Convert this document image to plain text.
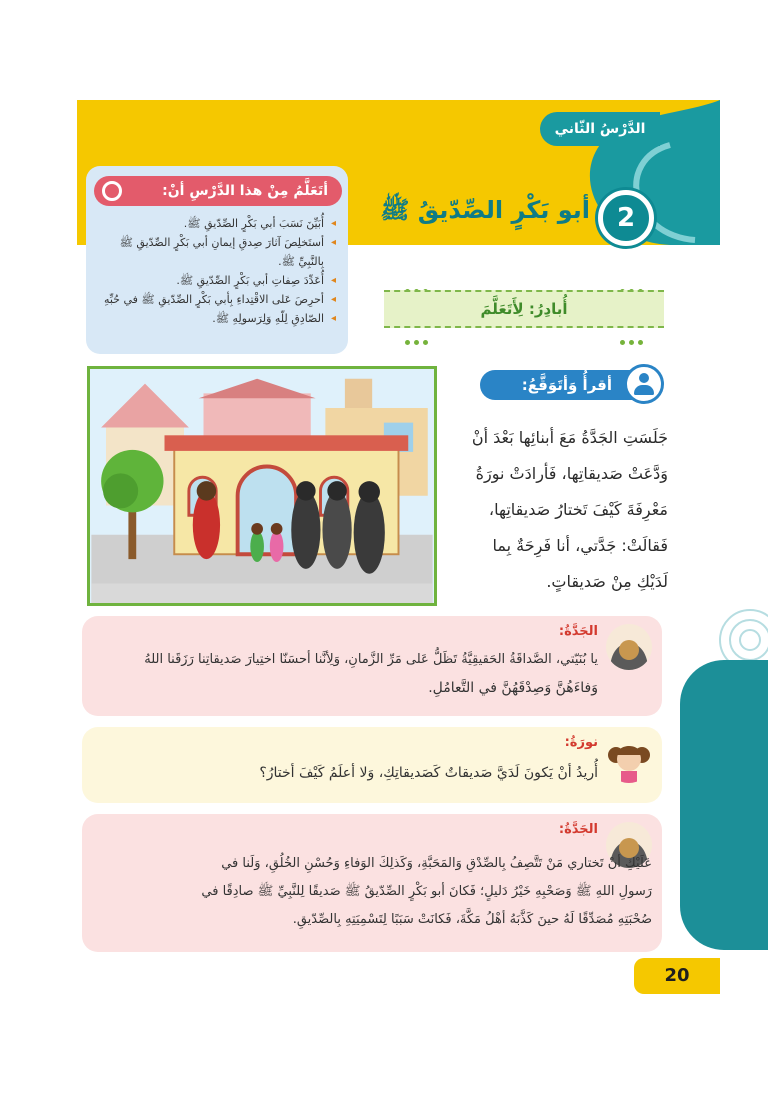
الدَّرْسُ الثّاني
2
أبو بَكْرٍ الصِّدّيقُ ﷺ
أتَعَلَّمُ مِنْ هذا الدَّرْسِ أنْ:
◂ أُبَيِّنَ نَسَبَ أبي بَكْرٍ الصِّدّيقِ ﷺ.
◂ أستَخلِصَ آثارَ صِدقِ إيمانِ أبي بَكْرٍ الصِّدّيقِ ﷺ بِالنَّبِيِّ ﷺ.
◂ أُعَدِّدَ صِفاتِ أبي بَكْرٍ الصِّدّيقِ ﷺ.
◂ أحرِصَ عَلى الاقْتِداءِ بِأبي بَكْرٍ الصِّدّيقِ ﷺ في حُبِّهِ
◂ الصّادِقِ لِلّهِ وَلِرَسولِهِ ﷺ.
أُبادِرُ: لِأَتَعَلَّمَ
أقرأُ وَأتَوَقَّعُ:
جَلَسَتِ الجَدَّةُ مَعَ أبنائِها بَعْدَ أنْ
وَدَّعَتْ صَديقاتِها، فَأرادَتْ نورَةُ
مَعْرِفَةَ كَيْفَ تَختارُ صَديقاتِها،
فَقالَتْ: جَدَّتي، أنا فَرِحَةٌ بِما
لَدَيْكِ مِنْ صَديقاتٍ.
الجَدَّةُ:
يا بُنَيّتي، الصَّداقَةُ الحَقيقِيَّةُ تَظَلُّ عَلى مَرِّ الزَّمانِ، وَلِأنَّنا أحسَنّا اختِيارَ صَديقاتِنا رَزَقَنا اللهُ
وَفاءَهُنَّ وَصِدْقَهُنَّ في التَّعامُلِ.
نورَةُ:
أُريدُ أنْ يَكونَ لَدَيَّ صَديقاتٌ كَصَديقاتِكِ، وَلا أعلَمُ كَيْفَ أختارُ؟
الجَدَّةُ:
عَلَيْكِ أنْ تَختاري مَنْ تَتَّصِفُ بِالصِّدْقِ وَالمَحَبَّةِ، وَكَذلِكَ الوَفاءِ وَحُسْنِ الخُلُقِ، وَلَنا في
رَسولِ اللهِ ﷺ وَصَحْبِهِ خَيْرُ دَليلٍ؛ فَكانَ أبو بَكْرٍ الصِّدّيقُ ﷺ صَديقًا لِلنَّبِيِّ ﷺ صادِقًا في
صُحْبَتِهِ مُصَدِّقًا لَهُ حينَ كَذَّبَهُ أهْلُ مَكَّةَ، فَكانَتْ سَبَبًا لِتَسْمِيَتِهِ بِالصِّدّيقِ.
20
